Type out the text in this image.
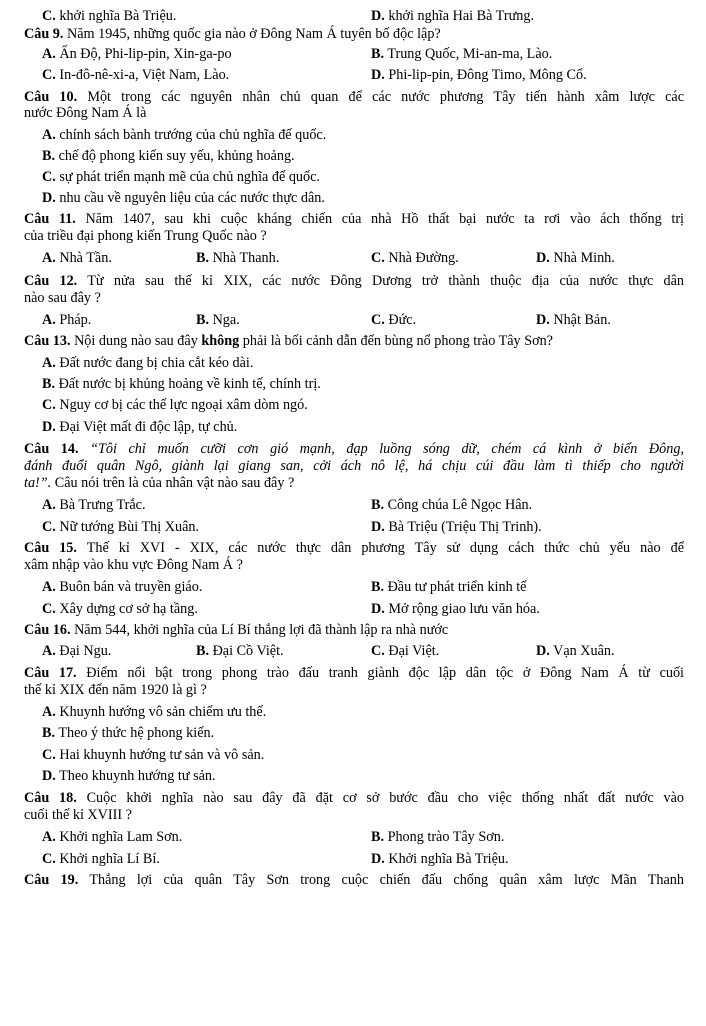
C. khởi nghĩa Bà Triệu.	D. khởi nghĩa Hai Bà Trưng.
Câu 9. Năm 1945, những quốc gia nào ở Đông Nam Á tuyên bố độc lập?
A. Ấn Độ, Phi-lip-pin, Xin-ga-po	B. Trung Quốc, Mi-an-ma, Lào.
C. In-đô-nê-xi-a, Việt Nam, Lào.	D. Phi-lip-pin, Đông Timo, Mông Cổ.
Câu 10. Một trong các nguyên nhân chủ quan để các nước phương Tây tiến hành xâm lược các
nước Đông Nam Á là
A. chính sách bành trướng của chủ nghĩa đế quốc.
B. chế độ phong kiến suy yếu, khủng hoảng.
C. sự phát triển mạnh mẽ của chủ nghĩa đế quốc.
D. nhu cầu về nguyên liệu của các nước thực dân.
Câu 11. Năm 1407, sau khi cuộc kháng chiến của nhà Hồ thất bại nước ta rơi vào ách thống trị
của triều đại phong kiến Trung Quốc nào ?
A. Nhà Tần.	B. Nhà Thanh.	C. Nhà Đường.	D. Nhà Minh.
Câu 12. Từ nửa sau thế kỉ XIX, các nước Đông Dương trở thành thuộc địa của nước thực dân
nào sau đây ?
A. Pháp.	B. Nga.	C. Đức.	D. Nhật Bản.
Câu 13. Nội dung nào sau đây không phải là bối cảnh dẫn đến bùng nổ phong trào Tây Sơn?
A. Đất nước đang bị chia cắt kéo dài.
B. Đất nước bị khủng hoảng về kinh tế, chính trị.
C. Nguy cơ bị các thế lực ngoại xâm dòm ngó.
D. Đại Việt mất đi độc lập, tự chủ.
Câu 14. “Tôi chỉ muốn cưỡi cơn gió mạnh, đạp luồng sóng dữ, chém cá kình ở biển Đông,
đánh đuổi quân Ngô, giành lại giang san, cởi ách nô lệ, há chịu cúi đầu làm tì thiếp cho người
ta!”. Câu nói trên là của nhân vật nào sau đây ?
A. Bà Trưng Trắc.	B. Công chúa Lê Ngọc Hân.
C. Nữ tướng Bùi Thị Xuân.	D. Bà Triệu (Triệu Thị Trinh).
Câu 15. Thế kỉ XVI - XIX, các nước thực dân phương Tây sử dụng cách thức chủ yếu nào để
xâm nhập vào khu vực Đông Nam Á ?
A. Buôn bán và truyền giáo.	B. Đầu tư phát triển kinh tế
C. Xây dựng cơ sở hạ tầng.	D. Mở rộng giao lưu văn hóa.
Câu 16. Năm 544, khởi nghĩa của Lí Bí thắng lợi đã thành lập ra nhà nước
A. Đại Ngu.	B. Đại Cồ Việt.	C. Đại Việt.	D. Vạn Xuân.
Câu 17. Điểm nổi bật trong phong trào đấu tranh giành độc lập dân tộc ở Đông Nam Á từ cuối
thế kỉ XIX đến năm 1920 là gì ?
A. Khuynh hướng vô sản chiếm ưu thế.
B. Theo ý thức hệ phong kiến.
C. Hai khuynh hướng tư sản và vô sản.
D. Theo khuynh hướng tư sản.
Câu 18. Cuộc khởi nghĩa nào sau đây đã đặt cơ sở bước đầu cho việc thống nhất đất nước vào
cuối thế kỉ XVIII ?
A. Khởi nghĩa Lam Sơn.	B. Phong trào Tây Sơn.
C. Khởi nghĩa Lí Bí.	D. Khởi nghĩa Bà Triệu.
Câu 19. Thắng lợi của quân Tây Sơn trong cuộc chiến đấu chống quân xâm lược Mãn Thanh
